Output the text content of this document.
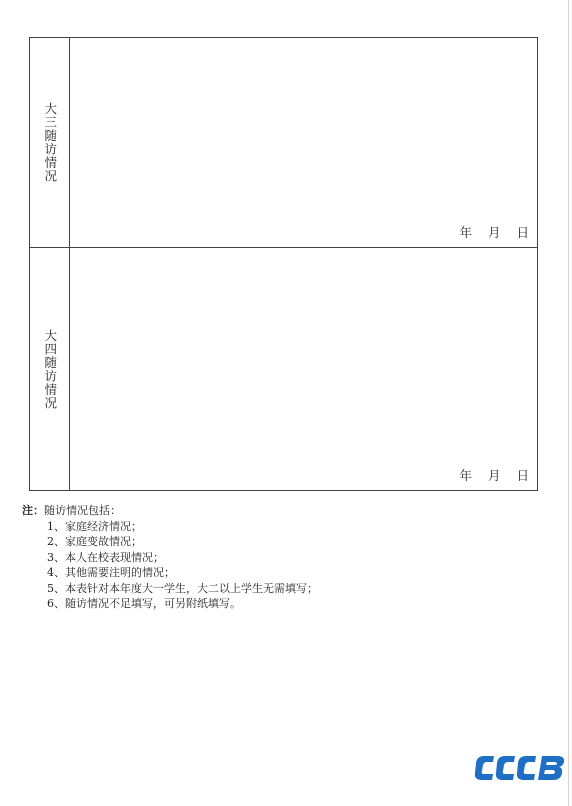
大三随访情况
年 月 日
大四随访情况
年 月 日
注： 随访情况包括：
1、家庭经济情况；
2、家庭变故情况；
3、本人在校表现情况；
4、其他需要注明的情况；
5、本表针对本年度大一学生，大二以上学生无需填写；
6、随访情况不足填写，可另附纸填写。
